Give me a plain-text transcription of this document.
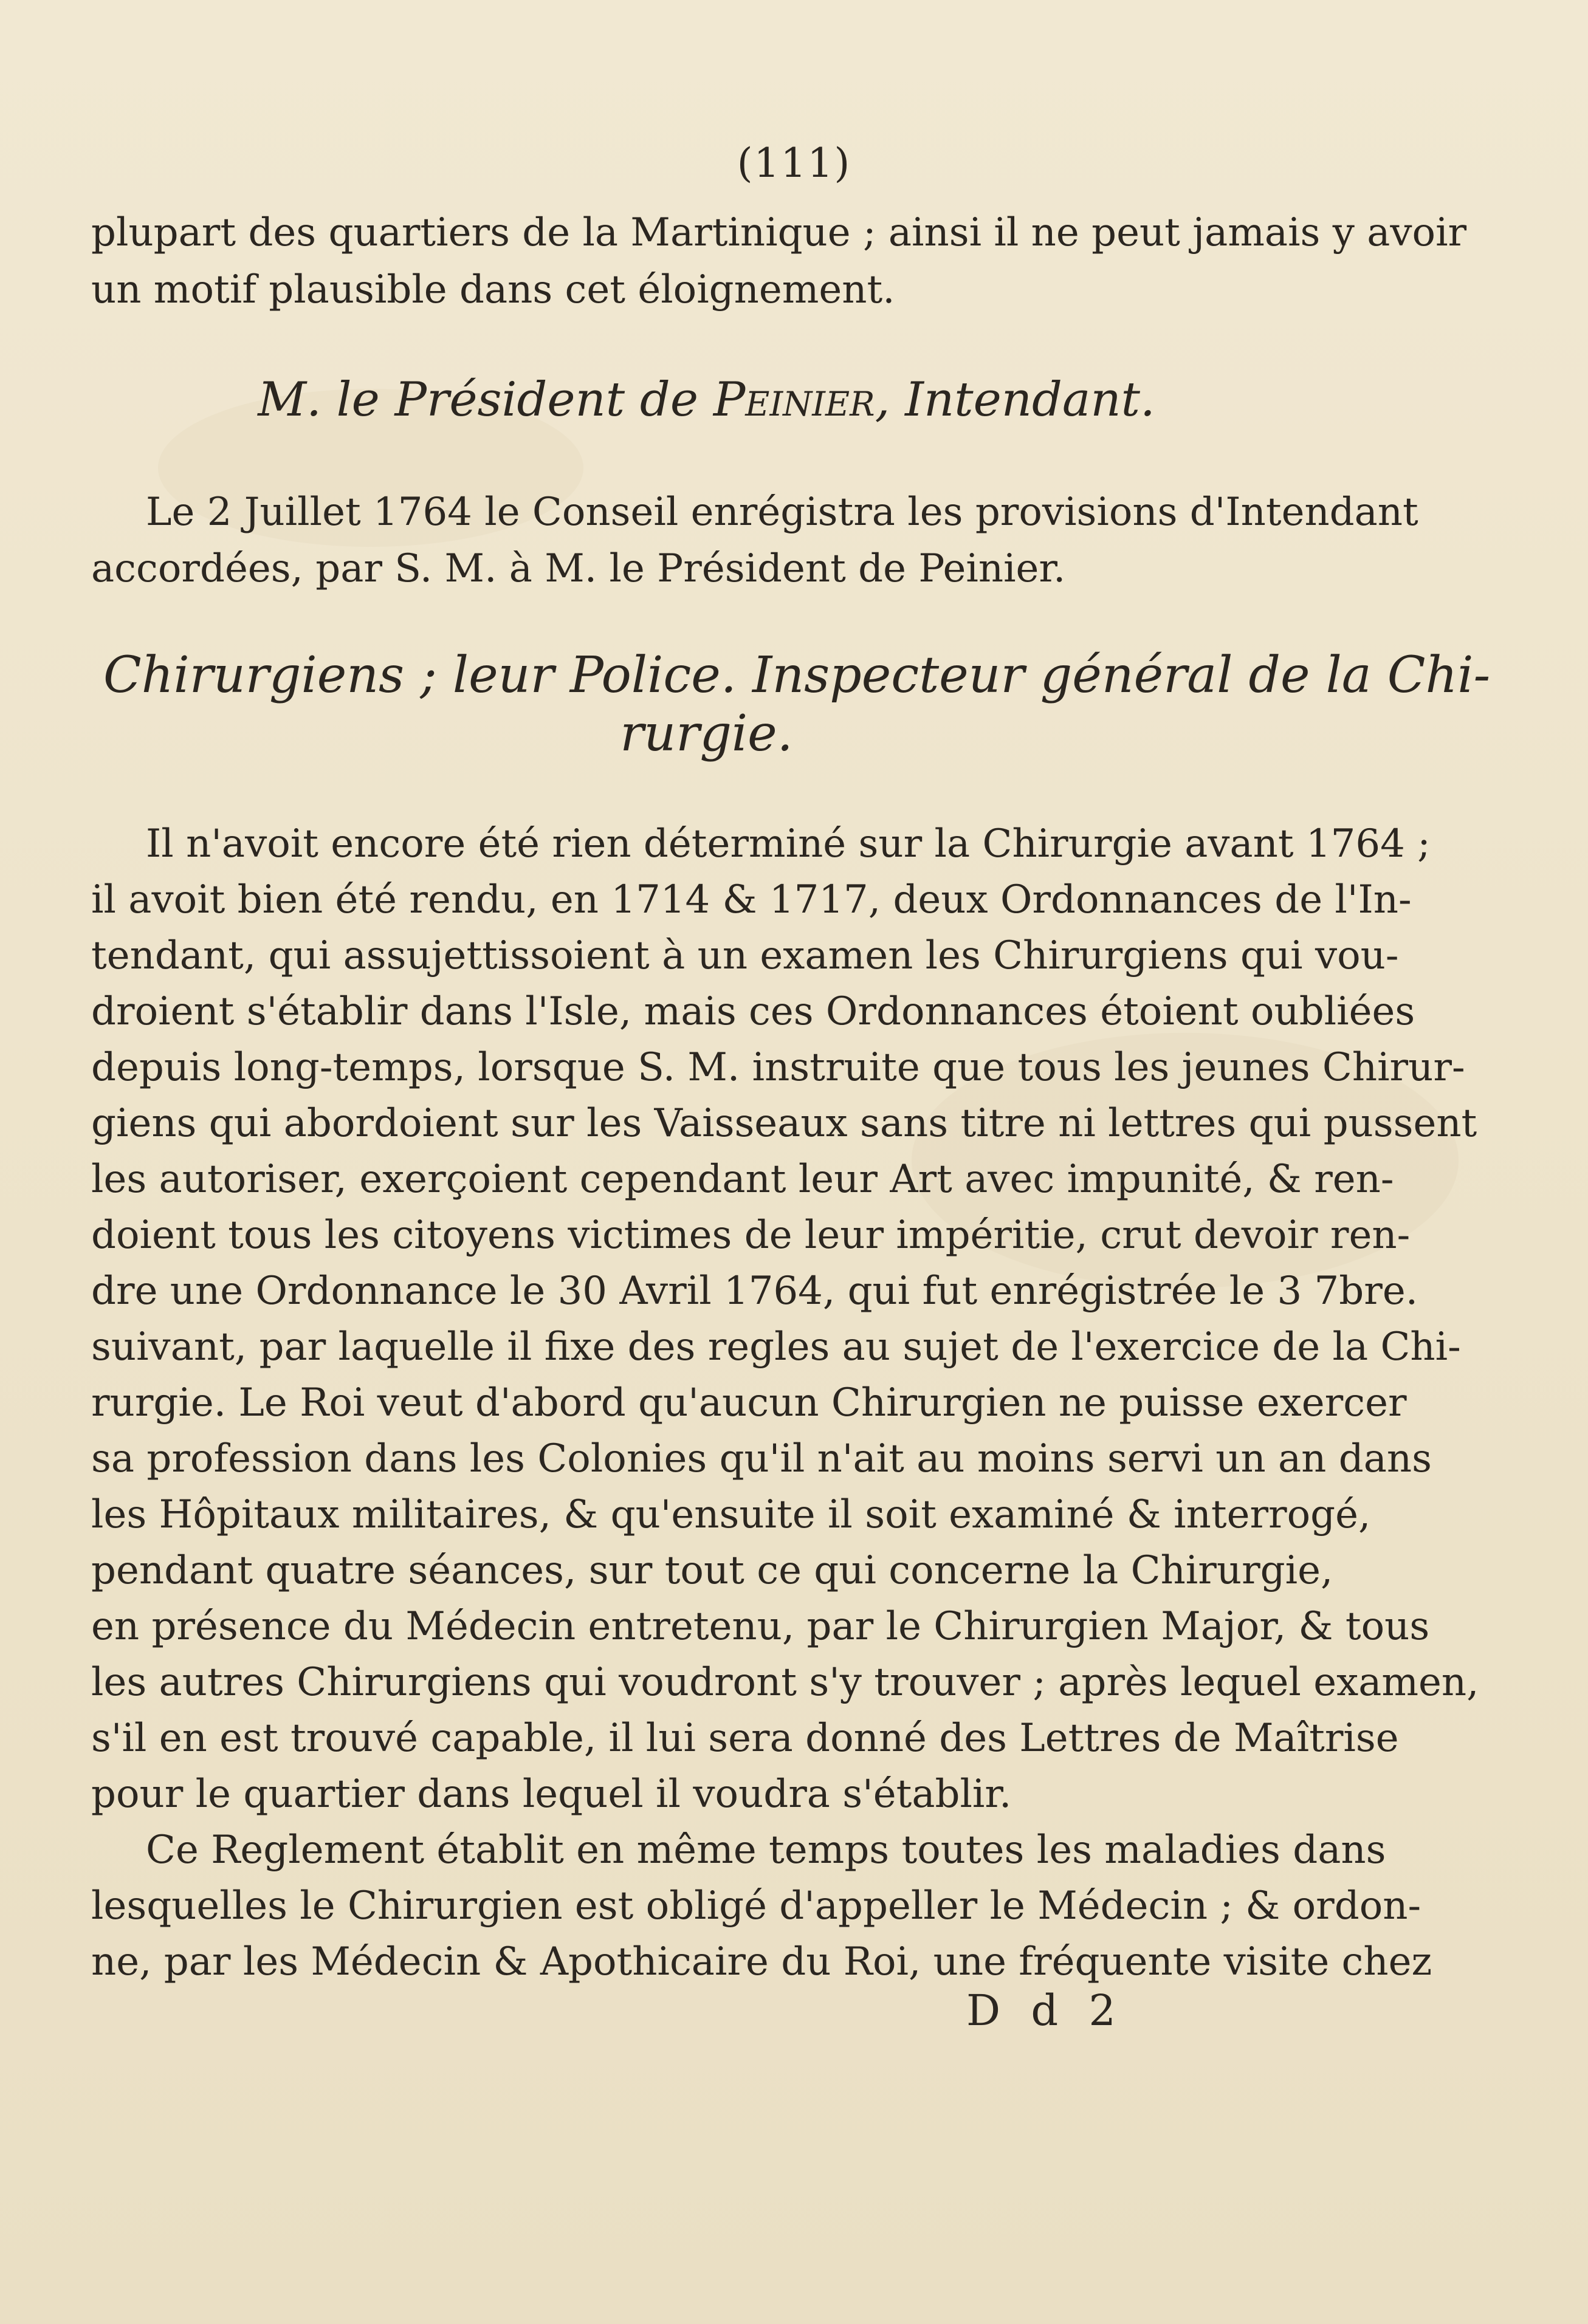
(111)
plupart des quartiers de la Martinique ; ainsi il ne peut jamais y avoir
un motif plausible dans cet éloignement.
M. le Président de Peinier, Intendant.
Le 2 Juillet 1764 le Conseil enrégistra les provisions d'Intendant
accordées, par S. M. à M. le Président de Peinier.
Chirurgiens ; leur Police. Inspecteur général de la Chi-
rurgie.
Il n'avoit encore été rien déterminé sur la Chirurgie avant 1764 ;
il avoit bien été rendu, en 1714 & 1717, deux Ordonnances de l'In-
tendant, qui assujettissoient à un examen les Chirurgiens qui vou-
droient s'établir dans l'Isle, mais ces Ordonnances étoient oubliées
depuis long-temps, lorsque S. M. instruite que tous les jeunes Chirur-
giens qui abordoient sur les Vaisseaux sans titre ni lettres qui pussent
les autoriser, exerçoient cependant leur Art avec impunité, & ren-
doient tous les citoyens victimes de leur impéritie, crut devoir ren-
dre une Ordonnance le 30 Avril 1764, qui fut enrégistrée le 3 7bre.
suivant, par laquelle il fixe des regles au sujet de l'exercice de la Chi-
rurgie. Le Roi veut d'abord qu'aucun Chirurgien ne puisse exercer
sa profession dans les Colonies qu'il n'ait au moins servi un an dans
les Hôpitaux militaires, & qu'ensuite il soit examiné & interrogé,
pendant quatre séances, sur tout ce qui concerne la Chirurgie,
en présence du Médecin entretenu, par le Chirurgien Major, & tous
les autres Chirurgiens qui voudront s'y trouver ; après lequel examen,
s'il en est trouvé capable, il lui sera donné des Lettres de Maîtrise
pour le quartier dans lequel il voudra s'établir.
Ce Reglement établit en même temps toutes les maladies dans
lesquelles le Chirurgien est obligé d'appeller le Médecin ; & ordon-
ne, par les Médecin & Apothicaire du Roi, une fréquente visite chez
D d 2
